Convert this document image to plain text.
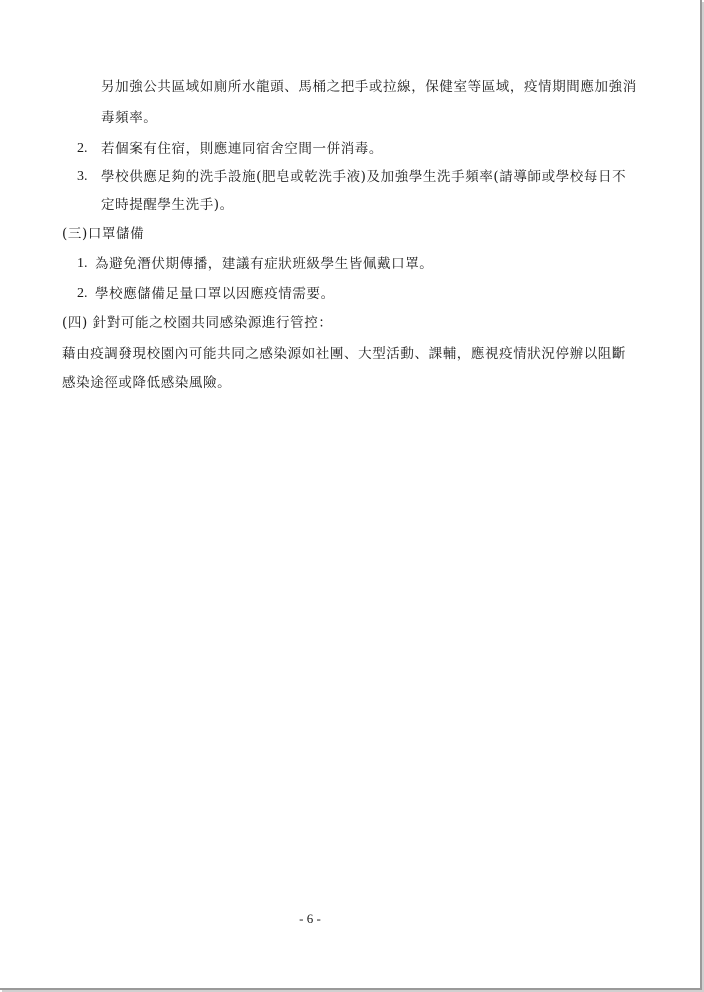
另加強公共區域如廁所水龍頭、馬桶之把手或拉線，保健室等區域，疫情期間應加強消
毒頻率。
2. 若個案有住宿，則應連同宿舍空間一併消毒。
3. 學校供應足夠的洗手設施(肥皂或乾洗手液)及加強學生洗手頻率(請導師或學校每日不
定時提醒學生洗手)。
(三)口罩儲備
1. 為避免潛伏期傳播，建議有症狀班級學生皆佩戴口罩。
2. 學校應儲備足量口罩以因應疫情需要。
(四) 針對可能之校園共同感染源進行管控：
藉由疫調發現校園內可能共同之感染源如社團、大型活動、課輔，應視疫情狀況停辦以阻斷
感染途徑或降低感染風險。
- 6 -
